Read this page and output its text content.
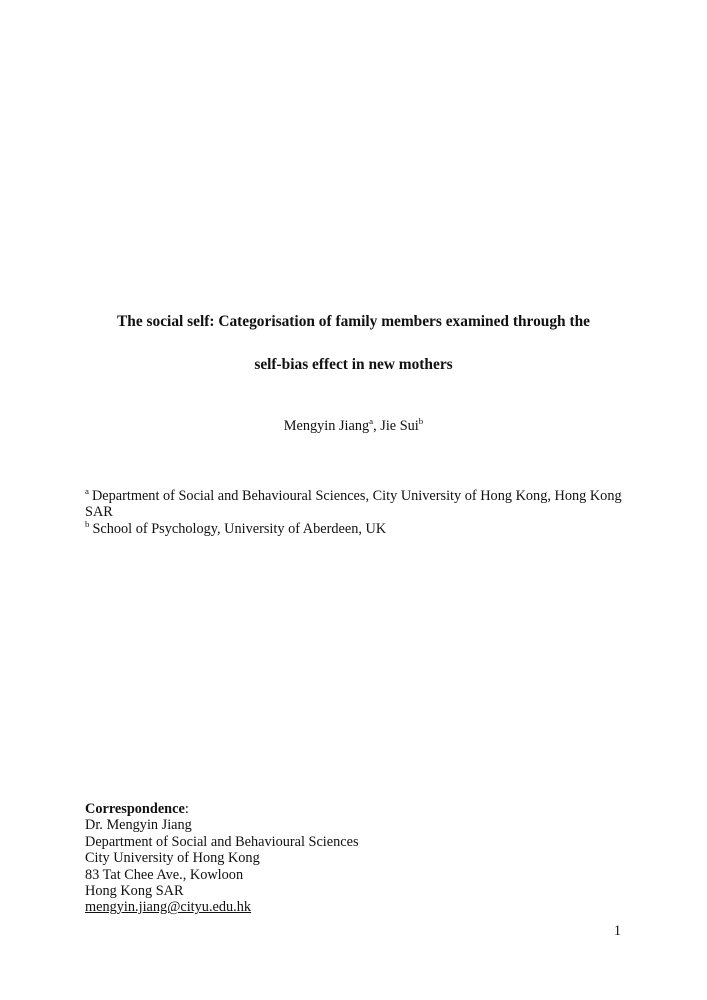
The social self: Categorisation of family members examined through the
self-bias effect in new mothers
Mengyin Jiang$^a$, Jie Sui$^b$

$^a$ Department of Social and Behavioural Sciences, City University of Hong Kong, Hong Kong SAR

$^b$ School of Psychology, University of Aberdeen, UK

Correspondence:

Dr. Mengyin Jiang

Department of Social and Behavioural Sciences

City University of Hong Kong

83 Tat Chee Ave., Kowloon

Hong Kong SAR

mengyin.jiang@cityu.edu.hk

1
